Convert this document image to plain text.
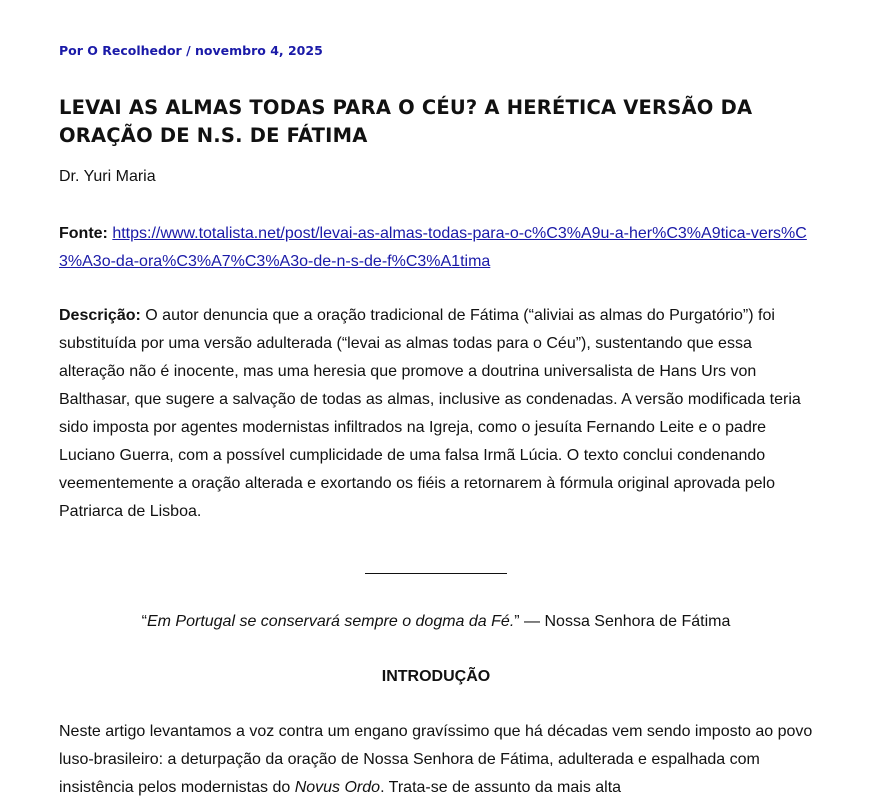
Por O Recolhedor / novembro 4, 2025
LEVAI AS ALMAS TODAS PARA O CÉU? A HERÉTICA VERSÃO DA ORAÇÃO DE N.S. DE FÁTIMA
Dr. Yuri Maria
Fonte: https://www.totalista.net/post/levai-as-almas-todas-para-o-c%C3%A9u-a-her%C3%A9tica-vers%C3%A3o-da-ora%C3%A7%C3%A3o-de-n-s-de-f%C3%A1tima

Descrição: O autor denuncia que a oração tradicional de Fátima (“aliviai as almas do Purgatório”) foi substituída por uma versão adulterada (“levai as almas todas para o Céu”), sustentando que essa alteração não é inocente, mas uma heresia que promove a doutrina universalista de Hans Urs von Balthasar, que sugere a salvação de todas as almas, inclusive as condenadas. A versão modificada teria sido imposta por agentes modernistas infiltrados na Igreja, como o jesuíta Fernando Leite e o padre Luciano Guerra, com a possível cumplicidade de uma falsa Irmã Lúcia. O texto conclui condenando veementemente a oração alterada e exortando os fiéis a retornarem à fórmula original aprovada pelo Patriarca de Lisboa.

“Em Portugal se conservará sempre o dogma da Fé.” — Nossa Senhora de Fátima
INTRODUÇÃO

Neste artigo levantamos a voz contra um engano gravíssimo que há décadas vem sendo imposto ao povo luso-brasileiro: a deturpação da oração de Nossa Senhora de Fátima, adulterada e espalhada com insistência pelos modernistas do Novus Ordo. Trata-se de assunto da mais alta
